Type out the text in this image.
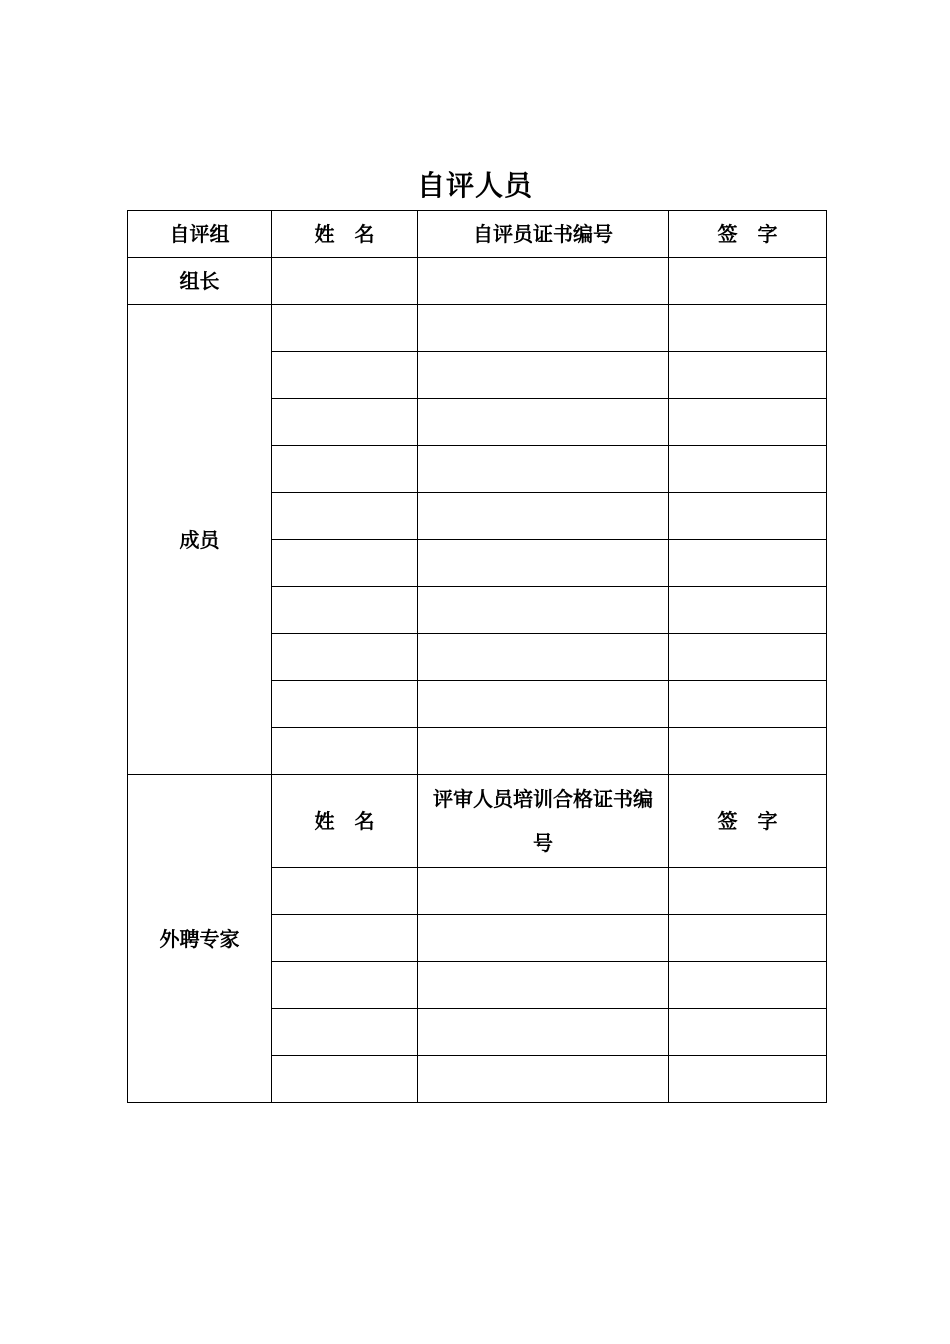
自评人员
自评组	姓　名	自评员证书编号	签　字
组长			
成员			

外聘专家	姓　名	评审人员培训合格证书编号	签　字
